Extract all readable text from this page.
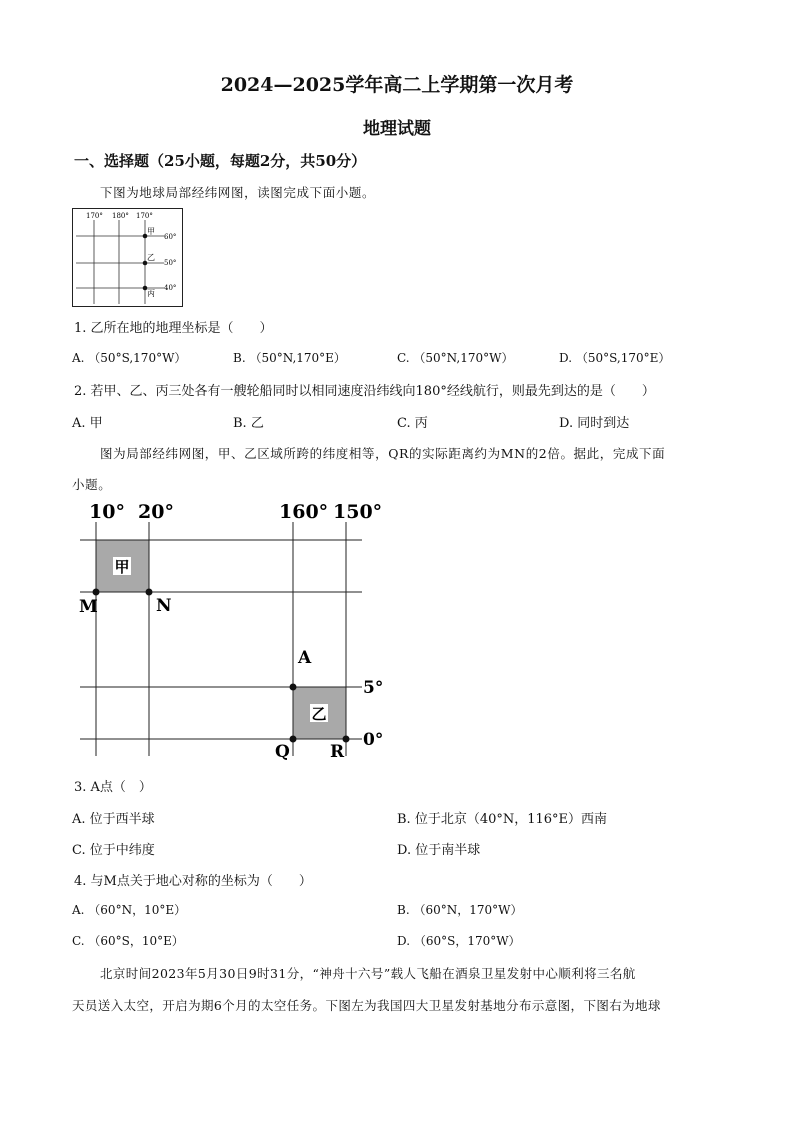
2024—2025学年高二上学期第一次月考
地理试题
一、选择题（25小题，每题2分，共50分）
下图为地球局部经纬网图，读图完成下面小题。
170° 180° 170°
60°
50°
40°
甲
乙
丙
1. 乙所在地的地理坐标是（　　）
A. （50°S,170°W）	B. （50°N,170°E）	C. （50°N,170°W）	D. （50°S,170°E）
2. 若甲、乙、丙三处各有一艘轮船同时以相同速度沿纬线向180°经线航行，则最先到达的是（　　）
A. 甲	B. 乙	C. 丙	D. 同时到达
图为局部经纬网图，甲、乙区域所跨的纬度相等，QR的实际距离约为MN的2倍。据此，完成下面
小题。
甲
乙
10° 20°	160° 150°
5°
0°
M	N
A
Q R
3. A点（　）
A. 位于西半球	B. 位于北京（40°N，116°E）西南
C. 位于中纬度	D. 位于南半球
4. 与M点关于地心对称的坐标为（　　）
A. （60°N，10°E）	B. （60°N，170°W）
C. （60°S，10°E）	D. （60°S，170°W）
北京时间2023年5月30日9时31分，“神舟十六号”载人飞船在酒泉卫星发射中心顺利将三名航
天员送入太空，开启为期6个月的太空任务。下图左为我国四大卫星发射基地分布示意图，下图右为地球
